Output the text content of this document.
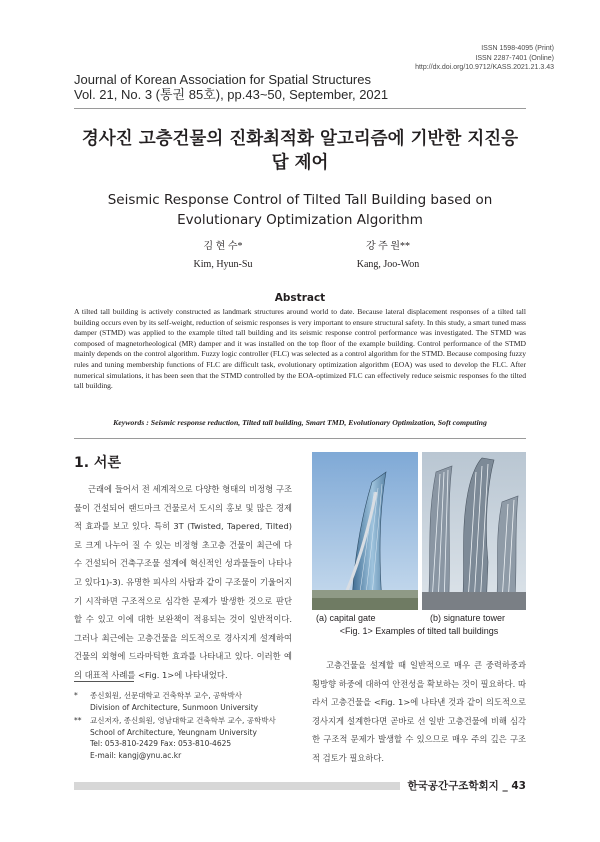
ISSN 1598-4095 (Print)
ISSN 2287-7401 (Online)
http://dx.doi.org/10.9712/KASS.2021.21.3.43
Journal of Korean Association for Spatial Structures
Vol. 21, No. 3 (통권 85호), pp.43~50, September, 2021
경사진 고층건물의 진화최적화 알고리즘에 기반한 지진응답 제어
Seismic Response Control of Tilted Tall Building based on Evolutionary Optimization Algorithm
김 현 수*
Kim, Hyun-Su
강 주 원**
Kang, Joo-Won
Abstract
A tilted tall building is actively constructed as landmark structures around world to date. Because lateral displacement responses of a tilted tall building occurs even by its self-weight, reduction of seismic responses is very important to ensure structural safety. In this study, a smart tuned mass damper (STMD) was applied to the example tilted tall building and its seismic response control performance was investigated. The STMD was composed of magnetorheological (MR) damper and it was installed on the top floor of the example building. Control performance of the STMD mainly depends on the control algorithm. Fuzzy logic controller (FLC) was selected as a control algorithm for the STMD. Because composing fuzzy rules and tuning membership functions of FLC are difficult task, evolutionary optimization algorithm (EOA) was used to develop the FLC. After numerical simulations, it has been seen that the STMD controlled by the EOA-optimized FLC can effectively reduce seismic responses fo the tilted tall building.
Keywords : Seismic response reduction, Tilted tall building, Smart TMD, Evolutionary Optimization, Soft computing
1. 서론

근래에 들어서 전 세계적으로 다양한 형태의 비정형 구조물이 건설되어 랜드마크 건물로서 도시의 홍보 및 많은 경제적 효과를 보고 있다. 특히 3T (Twisted, Tapered, Tilted)로 크게 나누어 질 수 있는 비정형 초고층 건물이 최근에 다수 건설되어 건축구조물 설계에 혁신적인 성과물들이 나타나고 있다1)-3). 유명한 피사의 사탑과 같이 구조물이 기울어지기 시작하면 구조적으로 심각한 문제가 발생한 것으로 판단할 수 있고 이에 대한 보완책이 적용되는 것이 일반적이다. 그러나 최근에는 고층건물을 의도적으로 경사지게 설계하여 건물의 외형에 드라마틱한 효과를 나타내고 있다. 이러한 예의 대표적 사례를 <Fig. 1>에 나타내었다.

* 종신회원, 선문대학교 건축학부 교수, 공학박사
Division of Architecture, Sunmoon University
** 교신저자, 종신회원, 영남대학교 건축학부 교수, 공학박사
School of Architecture, Yeungnam University
Tel: 053-810-2429 Fax: 053-810-4625
E-mail: kangj@ynu.ac.kr
(a) capital gate	(b) signature tower
<Fig. 1> Examples of tilted tall buildings

고층건물을 설계할 때 일반적으로 매우 큰 중력하중과 횡방향 하중에 대하여 안전성을 확보하는 것이 필요하다. 따라서 고층건물을 <Fig. 1>에 나타낸 것과 같이 의도적으로 경사지게 설계한다면 곧바로 선 일반 고층건물에 비해 심각한 구조적 문제가 발생할 수 있으므로 매우 주의 깊은 구조적 검토가 필요하다.

한국공간구조학회지 _ 43
